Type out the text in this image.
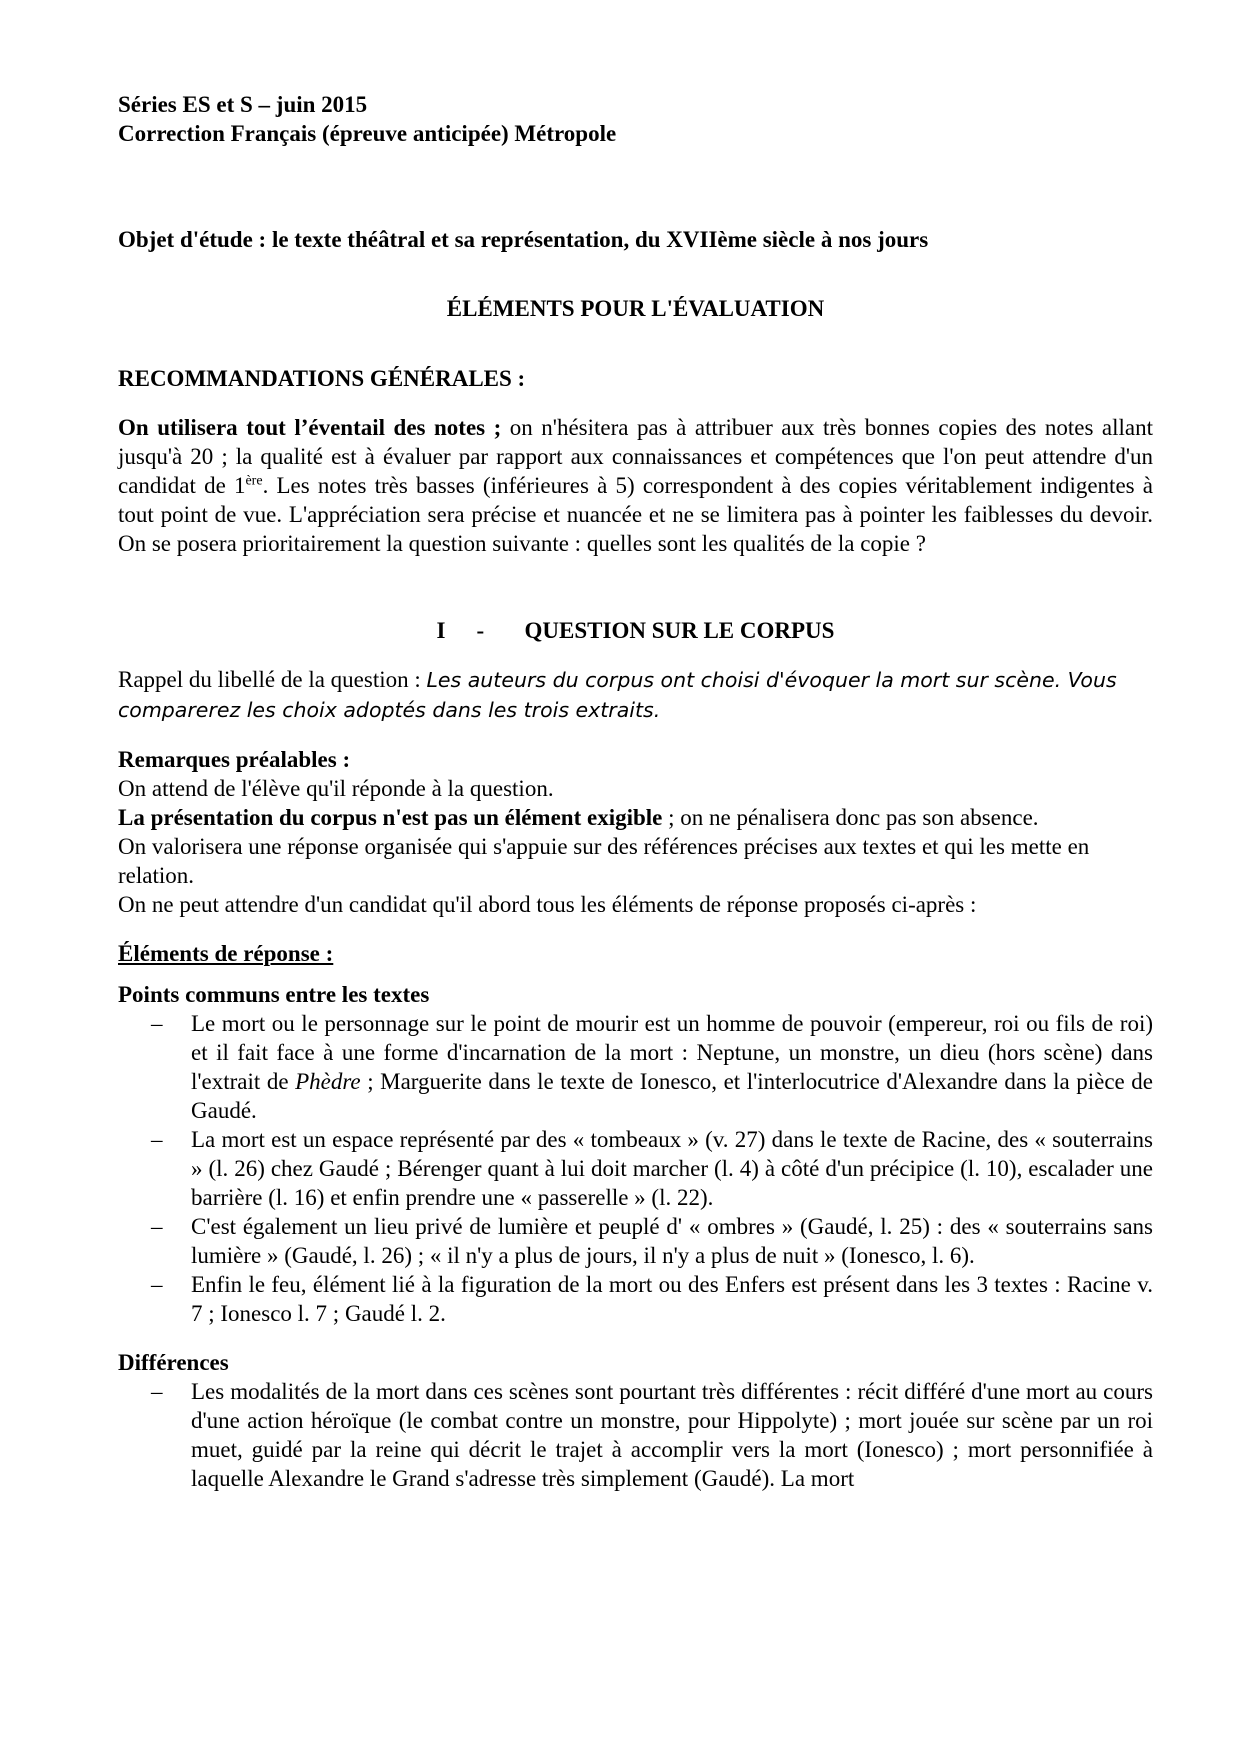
Séries ES et S – juin 2015
Correction Français (épreuve anticipée) Métropole
Objet d'étude : le texte théâtral et sa représentation, du XVIIème siècle à nos jours
ÉLÉMENTS POUR L'ÉVALUATION
RECOMMANDATIONS GÉNÉRALES :

On utilisera tout l’éventail des notes ; on n'hésitera pas à attribuer aux très bonnes copies des notes allant jusqu'à 20 ; la qualité est à évaluer par rapport aux connaissances et compétences que l'on peut attendre d'un candidat de 1ère. Les notes très basses (inférieures à 5) correspondent à des copies véritablement indigentes à tout point de vue. L'appréciation sera précise et nuancée et ne se limitera pas à pointer les faiblesses du devoir. On se posera prioritairement la question suivante : quelles sont les qualités de la copie ?

I - QUESTION SUR LE CORPUS

Rappel du libellé de la question : Les auteurs du corpus ont choisi d'évoquer la mort sur scène. Vous comparerez les choix adoptés dans les trois extraits.

Remarques préalables :

On attend de l'élève qu'il réponde à la question.

La présentation du corpus n'est pas un élément exigible ; on ne pénalisera donc pas son absence.

On valorisera une réponse organisée qui s'appuie sur des références précises aux textes et qui les mette en relation.

On ne peut attendre d'un candidat qu'il abord tous les éléments de réponse proposés ci-après :

Éléments de réponse :
Points communs entre les textes
– Le mort ou le personnage sur le point de mourir est un homme de pouvoir (empereur, roi ou fils de roi) et il fait face à une forme d'incarnation de la mort : Neptune, un monstre, un dieu (hors scène) dans l'extrait de Phèdre ; Marguerite dans le texte de Ionesco, et l'interlocutrice d'Alexandre dans la pièce de Gaudé.
– La mort est un espace représenté par des « tombeaux » (v. 27) dans le texte de Racine, des « souterrains » (l. 26) chez Gaudé ; Bérenger quant à lui doit marcher (l. 4) à côté d'un précipice (l. 10), escalader une barrière (l. 16) et enfin prendre une « passerelle » (l. 22).
– C'est également un lieu privé de lumière et peuplé d' « ombres » (Gaudé, l. 25) : des « souterrains sans lumière » (Gaudé, l. 26) ; « il n'y a plus de jours, il n'y a plus de nuit » (Ionesco, l. 6).
– Enfin le feu, élément lié à la figuration de la mort ou des Enfers est présent dans les 3 textes : Racine v. 7 ; Ionesco l. 7 ; Gaudé l. 2.
Différences
– Les modalités de la mort dans ces scènes sont pourtant très différentes : récit différé d'une mort au cours d'une action héroïque (le combat contre un monstre, pour Hippolyte) ; mort jouée sur scène par un roi muet, guidé par la reine qui décrit le trajet à accomplir vers la mort (Ionesco) ; mort personnifiée à laquelle Alexandre le Grand s'adresse très simplement (Gaudé). La mort
